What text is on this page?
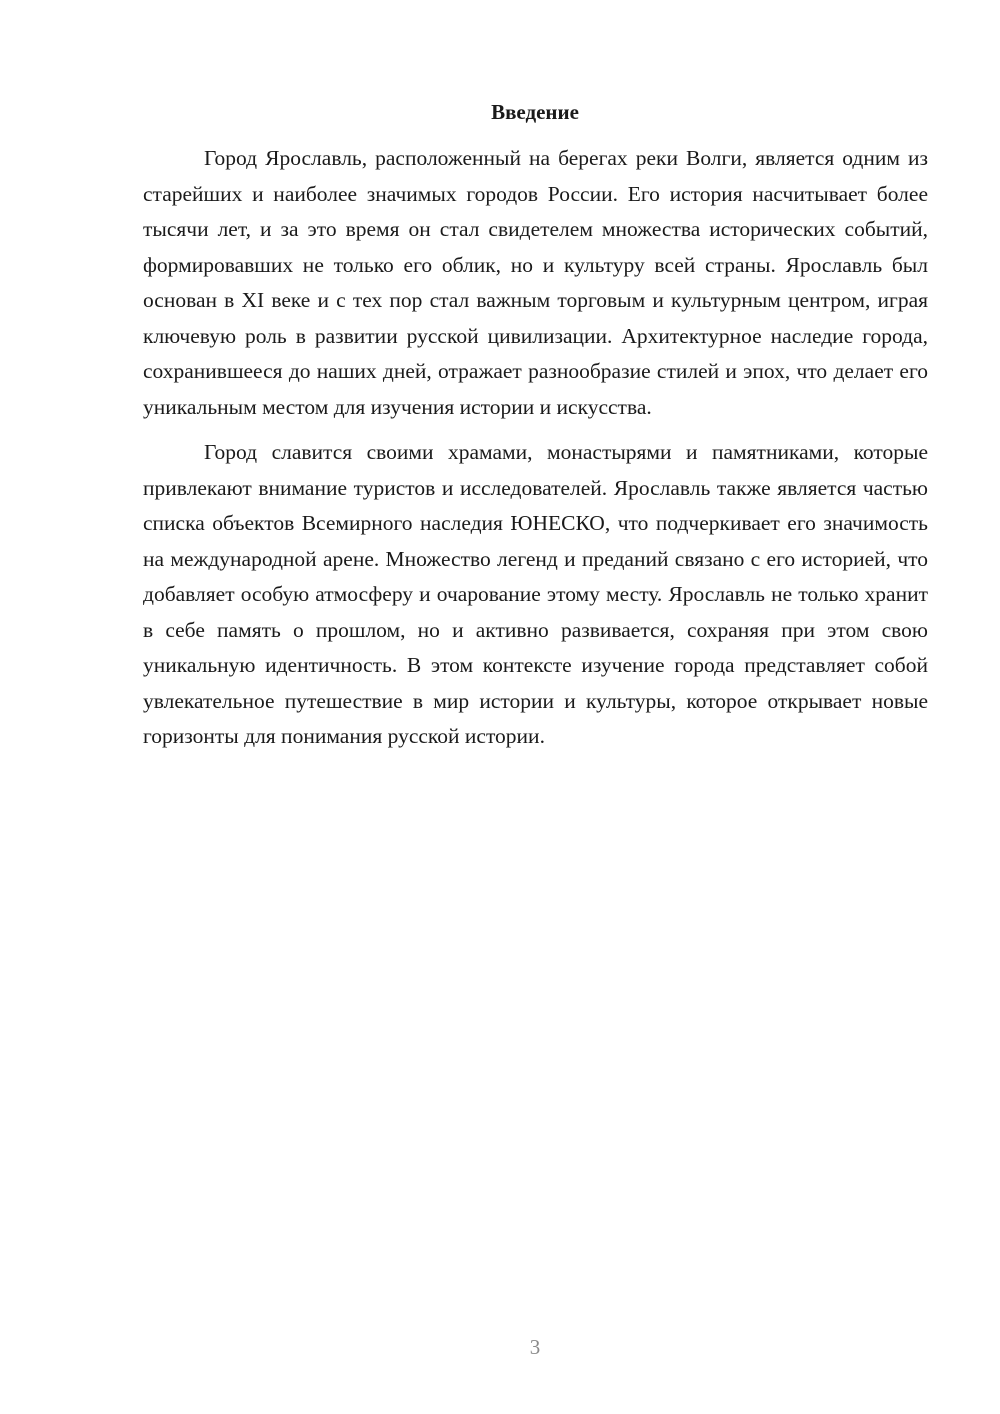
Введение

Город Ярославль, расположенный на берегах реки Волги, является одним из старейших и наиболее значимых городов России. Его история насчитывает более тысячи лет, и за это время он стал свидетелем множества исторических событий, формировавших не только его облик, но и культуру всей страны. Ярославль был основан в XI веке и с тех пор стал важным торговым и культурным центром, играя ключевую роль в развитии русской цивилизации. Архитектурное наследие города, сохранившееся до наших дней, отражает разнообразие стилей и эпох, что делает его уникальным местом для изучения истории и искусства.

Город славится своими храмами, монастырями и памятниками, которые привлекают внимание туристов и исследователей. Ярославль также является частью списка объектов Всемирного наследия ЮНЕСКО, что подчеркивает его значимость на международной арене. Множество легенд и преданий связано с его историей, что добавляет особую атмосферу и очарование этому месту. Ярославль не только хранит в себе память о прошлом, но и активно развивается, сохраняя при этом свою уникальную идентичность. В этом контексте изучение города представляет собой увлекательное путешествие в мир истории и культуры, которое открывает новые горизонты для понимания русской истории.

3
